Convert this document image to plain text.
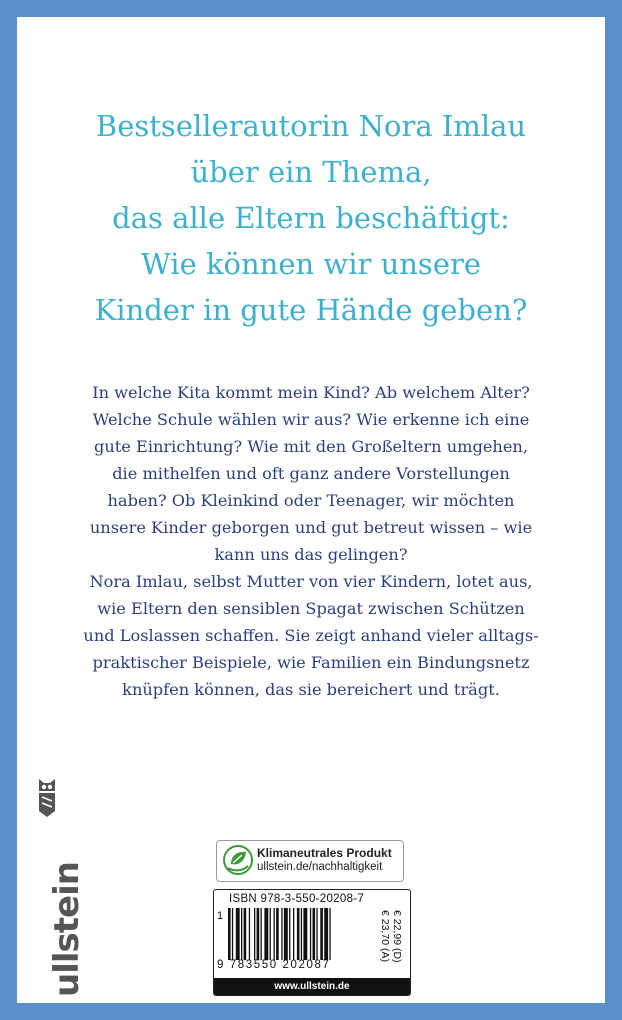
Bestsellerautorin Nora Imlau
über ein Thema,
das alle Eltern beschäftigt:
Wie können wir unsere
Kinder in gute Hände geben?
In welche Kita kommt mein Kind? Ab welchem Alter?
Welche Schule wählen wir aus? Wie erkenne ich eine
gute Einrichtung? Wie mit den Großeltern umgehen,
die mithelfen und oft ganz andere Vorstellungen
haben? Ob Kleinkind oder Teenager, wir möchten
unsere Kinder geborgen und gut betreut wissen – wie
kann uns das gelingen?
Nora Imlau, selbst Mutter von vier Kindern, lotet aus,
wie Eltern den sensiblen Spagat zwischen Schützen
und Loslassen schaffen. Sie zeigt anhand vieler alltags-
praktischer Beispiele, wie Familien ein Bindungsnetz
knüpfen können, das sie bereichert und trägt.
ullstein
Klimaneutrales Produkt
ullstein.de/nachhaltigkeit
ISBN 978-3-550-20208-7
1
9 783550 202087
€ 22,99 (D)
€ 23,70 (A)
www.ullstein.de
